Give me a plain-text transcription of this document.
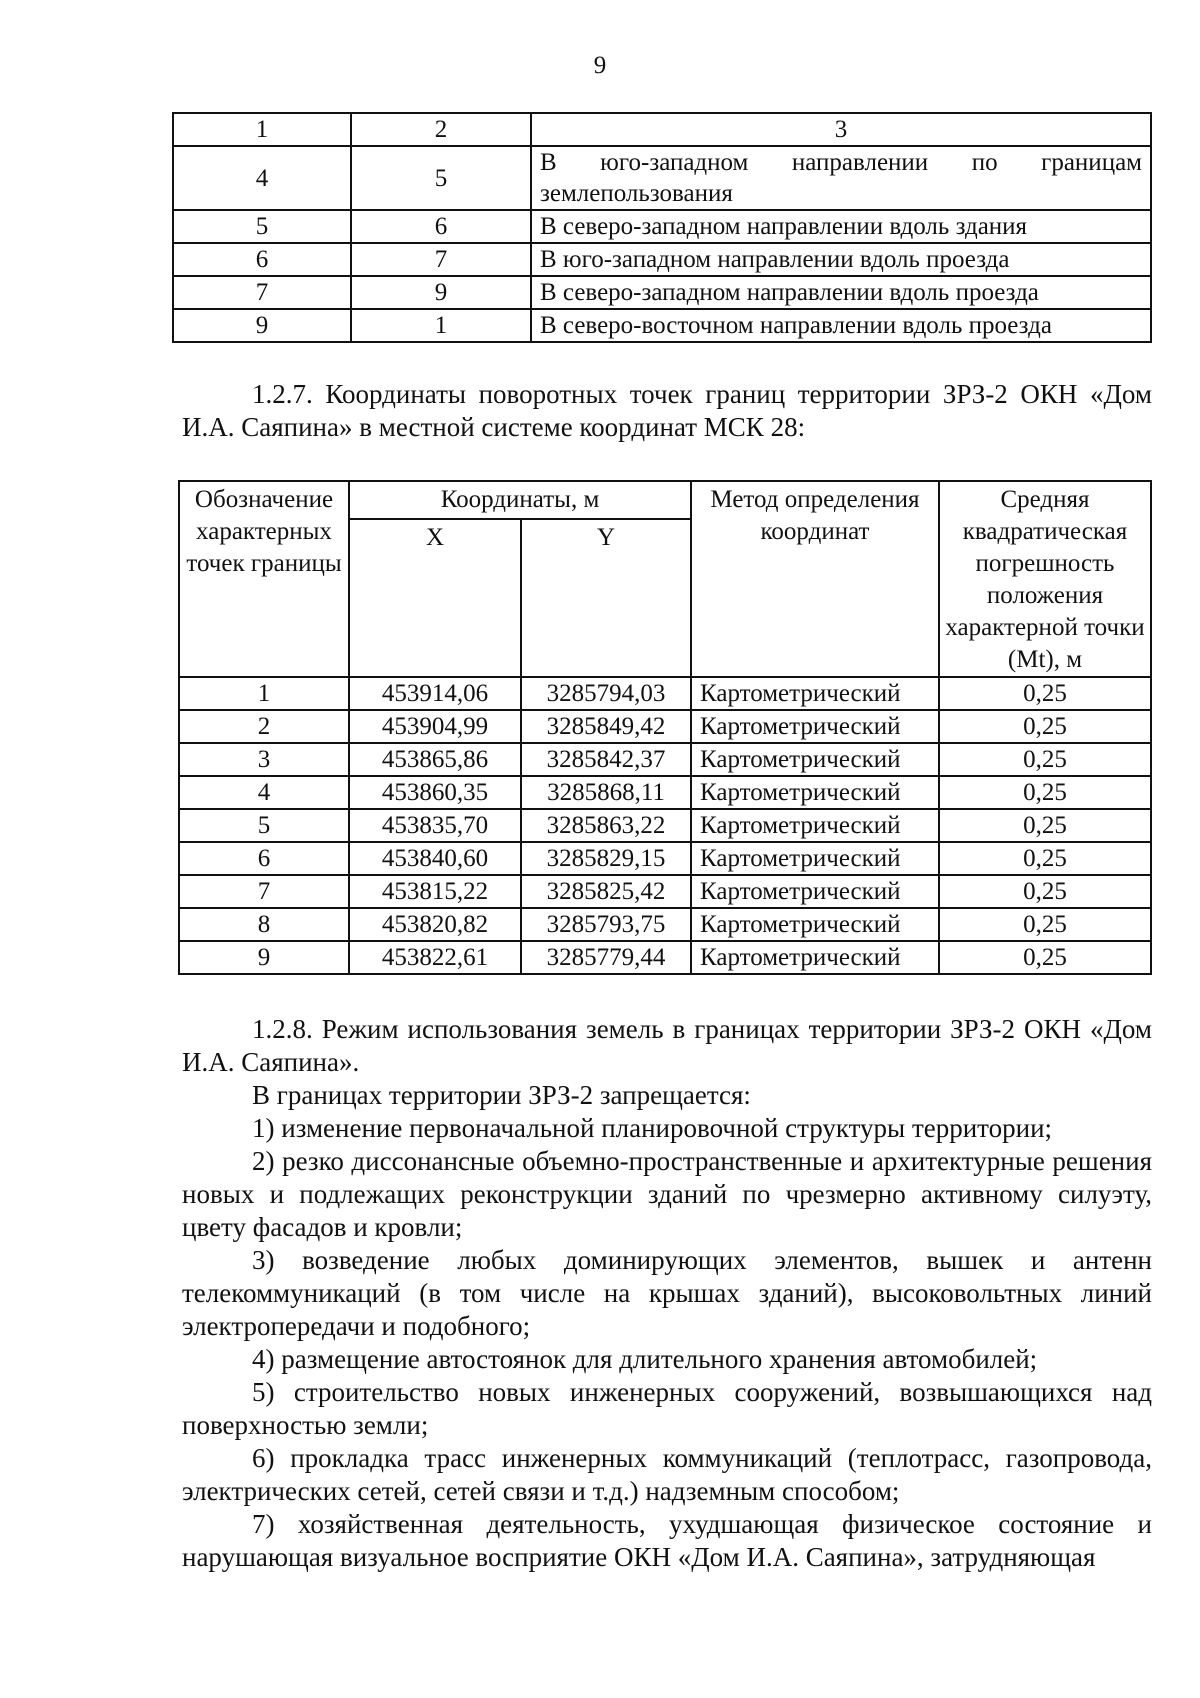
9
1	2	3
4	5	В юго-западном направлении по границам землепользования
5	6	В северо-западном направлении вдоль здания
6	7	В юго-западном направлении вдоль проезда
7	9	В северо-западном направлении вдоль проезда
9	1	В северо-восточном направлении вдоль проезда

1.2.7. Координаты поворотных точек границ территории ЗРЗ-2 ОКН «Дом И.А. Саяпина» в местной системе координат МСК 28:

Обозначение характерных точек границы	Координаты, м		Метод определения координат	Средняя квадратическая погрешность положения характерной точки (Mt), м
	X	Y		
1	453914,06	3285794,03	Картометрический	0,25
2	453904,99	3285849,42	Картометрический	0,25
3	453865,86	3285842,37	Картометрический	0,25
4	453860,35	3285868,11	Картометрический	0,25
5	453835,70	3285863,22	Картометрический	0,25
6	453840,60	3285829,15	Картометрический	0,25
7	453815,22	3285825,42	Картометрический	0,25
8	453820,82	3285793,75	Картометрический	0,25
9	453822,61	3285779,44	Картометрический	0,25

1.2.8. Режим использования земель в границах территории ЗРЗ-2 ОКН «Дом И.А. Саяпина».

В границах территории ЗРЗ-2 запрещается:

1) изменение первоначальной планировочной структуры территории;

2) резко диссонансные объемно-пространственные и архитектурные решения новых и подлежащих реконструкции зданий по чрезмерно активному силуэту, цвету фасадов и кровли;

3) возведение любых доминирующих элементов, вышек и антенн телекоммуникаций (в том числе на крышах зданий), высоковольтных линий электропередачи и подобного;

4) размещение автостоянок для длительного хранения автомобилей;

5) строительство новых инженерных сооружений, возвышающихся над поверхностью земли;

6) прокладка трасс инженерных коммуникаций (теплотрасс, газопровода, электрических сетей, сетей связи и т.д.) надземным способом;

7) хозяйственная деятельность, ухудшающая физическое состояние и нарушающая визуальное восприятие ОКН «Дом И.А. Саяпина», затрудняющая
